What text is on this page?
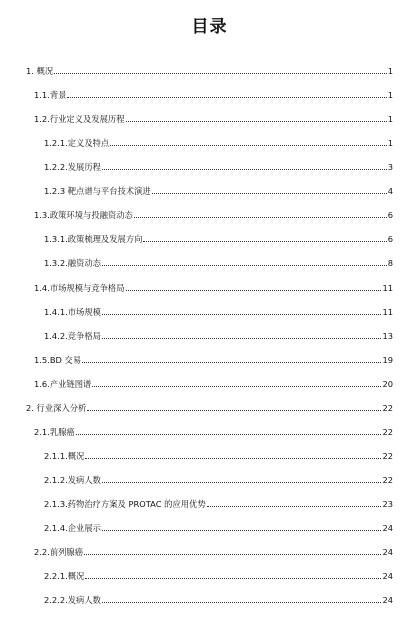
目录
1. 概况	1
1.1.背景	1
1.2.行业定义及发展历程	1
1.2.1.定义及特点	1
1.2.2.发展历程	3
1.2.3 靶点谱与平台技术演进	4
1.3.政策环境与投融资动态	6
1.3.1.政策梳理及发展方向	6
1.3.2.融资动态	8
1.4.市场规模与竞争格局	11
1.4.1.市场规模	11
1.4.2.竞争格局	13
1.5.BD 交易	19
1.6.产业链图谱	20
2. 行业深入分析	22
2.1.乳腺癌	22
2.1.1.概况	22
2.1.2.发病人数	22
2.1.3.药物治疗方案及 PROTAC 的应用优势	23
2.1.4.企业展示	24
2.2.前列腺癌	24
2.2.1.概况	24
2.2.2.发病人数	24
